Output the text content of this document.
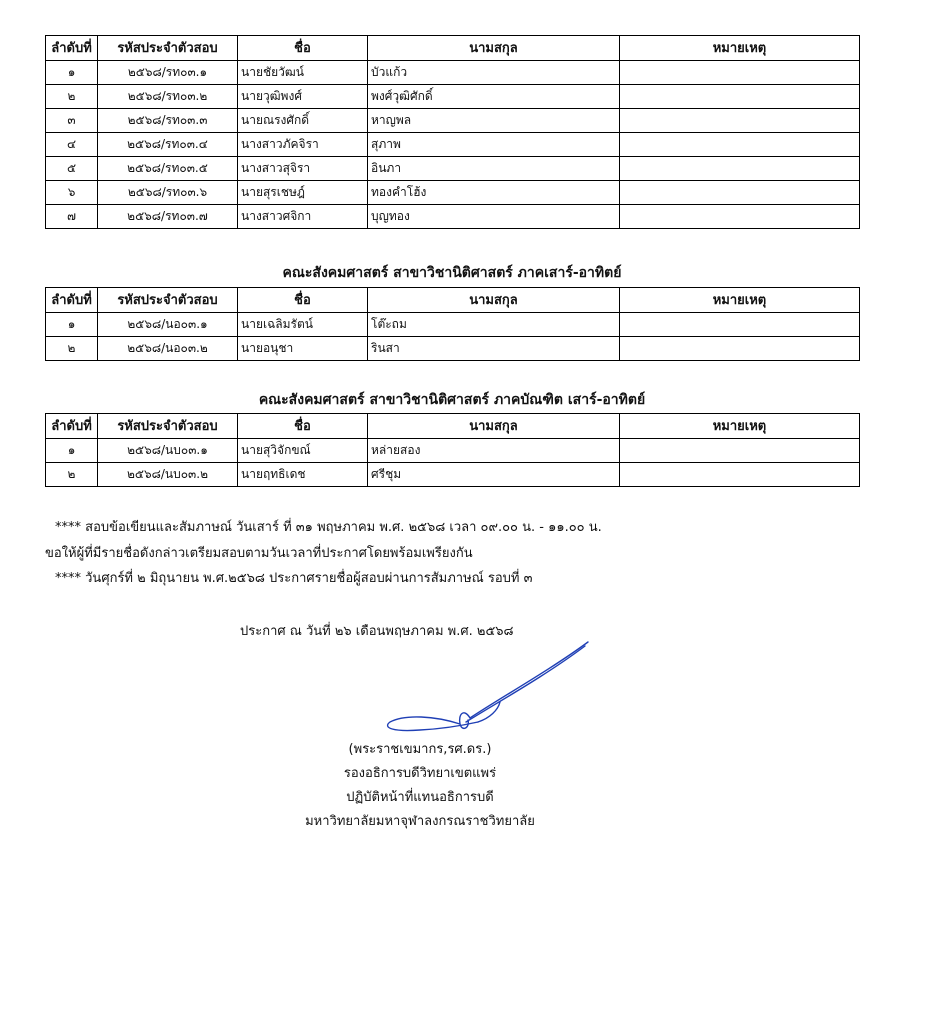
ลำดับที่	รหัสประจำตัวสอบ	ชื่อ	นามสกุล	หมายเหตุ
๑	๒๕๖๘/รท๐๓.๑	นายชัยวัฒน์	บัวแก้ว	
๒	๒๕๖๘/รท๐๓.๒	นายวุฒิพงศ์	พงศ์วุฒิศักดิ์	
๓	๒๕๖๘/รท๐๓.๓	นายณรงศักดิ์	หาญพล	
๔	๒๕๖๘/รท๐๓.๔	นางสาวภัคจิรา	สุภาพ	
๕	๒๕๖๘/รท๐๓.๕	นางสาวสุจิรา	อินภา	
๖	๒๕๖๘/รท๐๓.๖	นายสุรเชษฎ์	ทองคำโฮ้ง	
๗	๒๕๖๘/รท๐๓.๗	นางสาวศจิกา	บุญทอง	
คณะสังคมศาสตร์ สาขาวิชานิติศาสตร์ ภาคเสาร์-อาทิตย์
ลำดับที่	รหัสประจำตัวสอบ	ชื่อ	นามสกุล	หมายเหตุ
๑	๒๕๖๘/นอ๐๓.๑	นายเฉลิมรัตน์	โต๊ะถม	
๒	๒๕๖๘/นอ๐๓.๒	นายอนุชา	รินสา	
คณะสังคมศาสตร์ สาขาวิชานิติศาสตร์ ภาคบัณฑิต เสาร์-อาทิตย์
ลำดับที่	รหัสประจำตัวสอบ	ชื่อ	นามสกุล	หมายเหตุ
๑	๒๕๖๘/นบ๐๓.๑	นายสุวิจักขณ์	หล่ายสอง	
๒	๒๕๖๘/นบ๐๓.๒	นายฤทธิเดช	ศรีชุม	
**** สอบข้อเขียนและสัมภาษณ์ วันเสาร์ ที่ ๓๑ พฤษภาคม พ.ศ. ๒๕๖๘ เวลา ๐๙.๐๐ น. - ๑๑.๐๐ น.
ขอให้ผู้ที่มีรายชื่อดังกล่าวเตรียมสอบตามวันเวลาที่ประกาศโดยพร้อมเพรียงกัน
**** วันศุกร์ที่ ๒ มิถุนายน พ.ศ.๒๕๖๘ ประกาศรายชื่อผู้สอบผ่านการสัมภาษณ์ รอบที่ ๓
ประกาศ ณ วันที่ ๒๖ เดือนพฤษภาคม พ.ศ. ๒๕๖๘
(พระราชเขมากร,รศ.ดร.)
รองอธิการบดีวิทยาเขตแพร่
ปฏิบัติหน้าที่แทนอธิการบดี
มหาวิทยาลัยมหาจุฬาลงกรณราชวิทยาลัย
